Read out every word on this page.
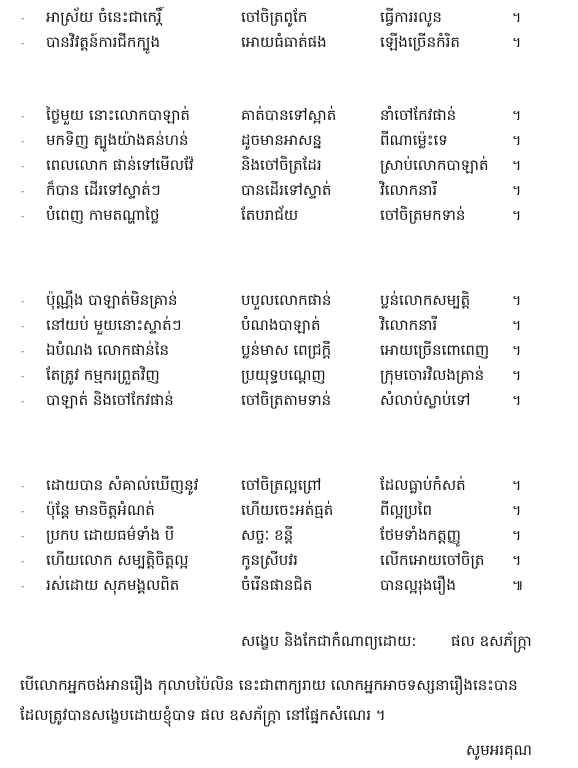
- អាស្រ័យ ចំនេះជាកេរ្តិ៍	ចៅចិត្រពូកែ	ធ្វើការរលូន	។
- បានវិវត្តន៍ការជីកក្បូង	អោយធំធាត់ផង	ឡើងច្រើនកំរិត	។
- ថ្ងៃមួយ នោះលោកបាឡាត់	គាត់បានទៅស្អាត់	នាំចៅកែវផាន់	។
- មកទិញ ត្បូងយ៉ាងគន់ហន់	ដូចមានអាសន្ន	ពីណាម្ល៉េះទេ	។
- ពេលលោក ផាន់ទៅមើលវ៉ែ	និងចៅចិត្រដែរ	ស្រាប់លោកបាឡាត់ ។
- ក៏បាន ដើរទៅស្ទាត់ៗ	បានដើរទៅស្ទាត់	វិលោកនារី	។
- បំពេញ កាមតណ្ហាថ្លៃ	តែបរាជ័យ	ចៅចិត្រមកទាន់	។
- ប៉ុណ្ណឹង បាឡាត់មិនគ្រាន់	បបួលលោកផាន់	ប្លន់លោកសម្បត្តិ	។
- នៅយប់ មួយនោះស្ទាត់ៗ	បំណងបាឡាត់	វិលោកនារី	។
- ឯបំណង លោកផាន់នៃ	ប្លន់មាស ពេជ្រក្តី	អោយច្រើនពោពេញ ។
- តែត្រូវ កម្មករព្រួតវិញ	ប្រយុទ្ធបណ្តេញ	ក្រុមចោរវិលងគ្រាន់ ។
- បាឡាត់ និងចៅកែវផាន់	ចៅចិត្រតាមទាន់	សំលាប់ស្លាប់ទៅ	។
- ដោយបាន សំគាល់ឃើញនូវ	ចៅចិត្រល្អព្រៅ	ដែលធ្លាប់កំសត់	។
- ប៉ុន្តែ មានចិត្តអំណត់	ហើយចេះអត់ធ្មត់	ពីល្អប្រពៃ	។
- ប្រកប ដោយធម៌ទាំង បី	សច្ចៈ ខន្តី	ថែមទាំងកត្តញ្ញូ	។
- ហើយលោក សម្បត្តិចិត្តល្អ	កូនស្រីបវរ	លើកអោយចៅចិត្រ ។
- រស់ដោយ សុភមង្គលពិត	ចំរើនផានជិត	បានល្អរុងរឿង	៕
សង្ខេប និងកែជាកំណាព្យដោយ: ផល ឧសភ័ក្រ្កា
បើលោកអ្នកចង់អានរឿង កុលាបប៉ៃលិន នេះជាពាក្យរាយ លោកអ្នកអាចទស្សនារឿងនេះបាន
ដែលត្រូវបានសង្ខេបដោយខ្ញុំបាទ ផល ឧសភ័ក្រ្កា នៅផ្នែកសំណេរ ។
សូមអរគុណ
